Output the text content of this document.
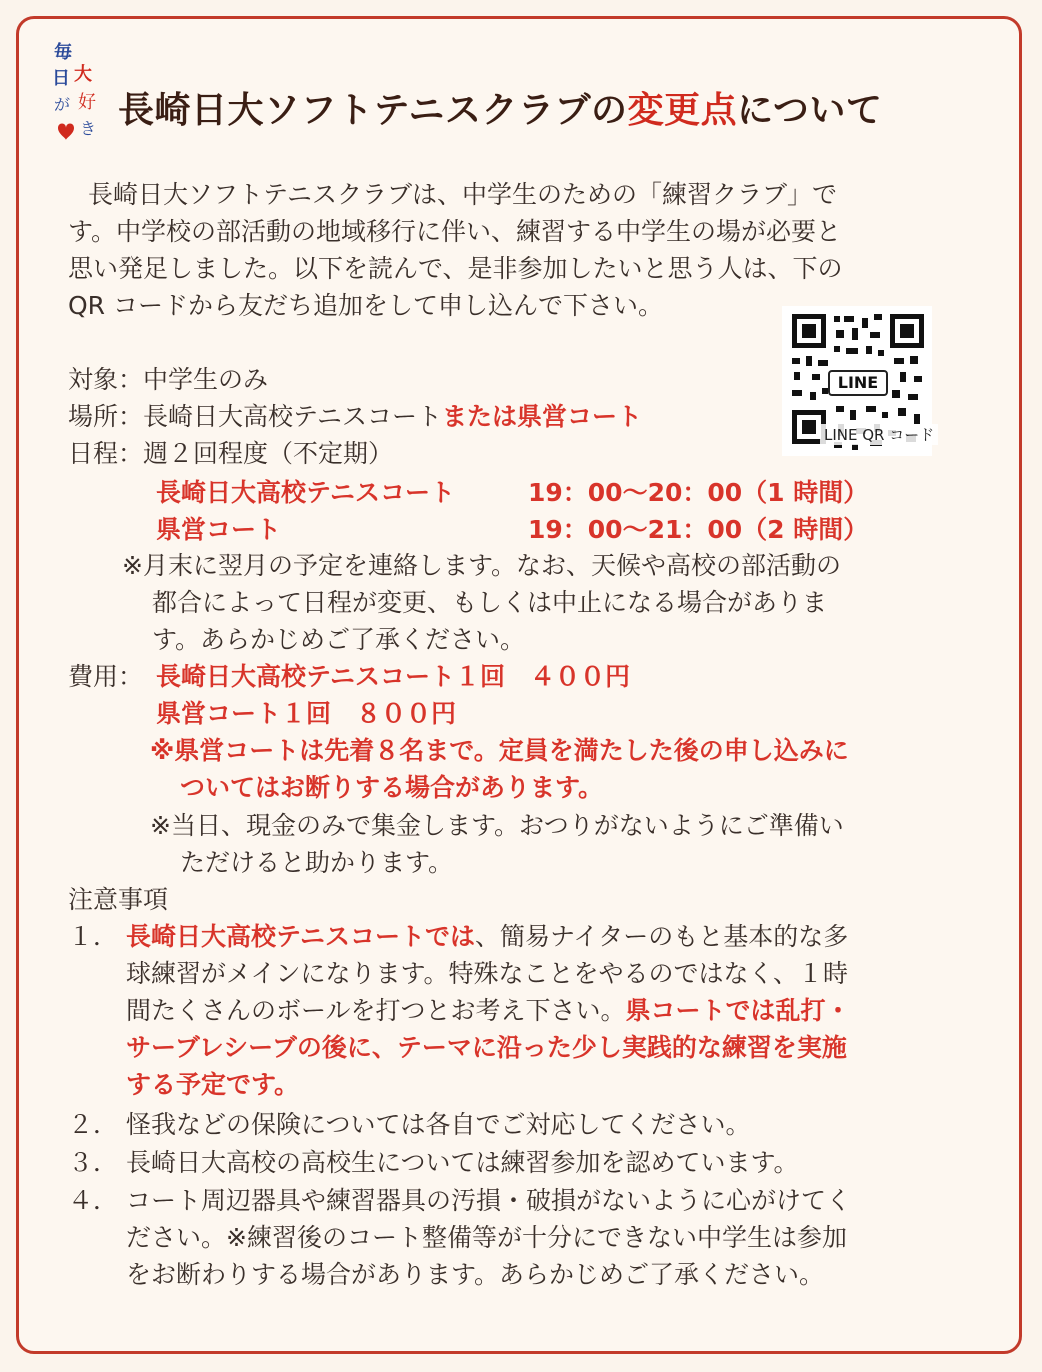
毎
日 大
が 好
き 長崎日大ソフトテニスクラブの変更点について
長崎日大ソフトテニスクラブは、中学生のための「練習クラブ」で
す。中学校の部活動の地域移行に伴い、練習する中学生の場が必要と
思い発足しました。以下を読んで、是非参加したいと思う人は、下の
QR コードから友だち追加をして申し込んで下さい。
LINE
LINE QR コード
対象：中学生のみ
場所：長崎日大高校テニスコートまたは県営コート
日程：週２回程度（不定期）
長崎日大高校テニスコート	19：00〜20：00（1 時間）
県営コート	19：00〜21：00（2 時間）
※月末に翌月の予定を連絡します。なお、天候や高校の部活動の
都合によって日程が変更、もしくは中止になる場合がありま
す。あらかじめご了承ください。
費用： 長崎日大高校テニスコート１回　４００円
県営コート１回　８００円
※県営コートは先着８名まで。定員を満たした後の申し込みに
ついてはお断りする場合があります。
※当日、現金のみで集金します。おつりがないようにご準備い
ただけると助かります。
注意事項
１． 長崎日大高校テニスコートでは、簡易ナイターのもと基本的な多
球練習がメインになります。特殊なことをやるのではなく、１時
間たくさんのボールを打つとお考え下さい。県コートでは乱打・
サーブレシーブの後に、テーマに沿った少し実践的な練習を実施
する予定です。
２． 怪我などの保険については各自でご対応してください。
３． 長崎日大高校の高校生については練習参加を認めています。
４． コート周辺器具や練習器具の汚損・破損がないように心がけてく
ださい。※練習後のコート整備等が十分にできない中学生は参加
をお断わりする場合があります。あらかじめご了承ください。
